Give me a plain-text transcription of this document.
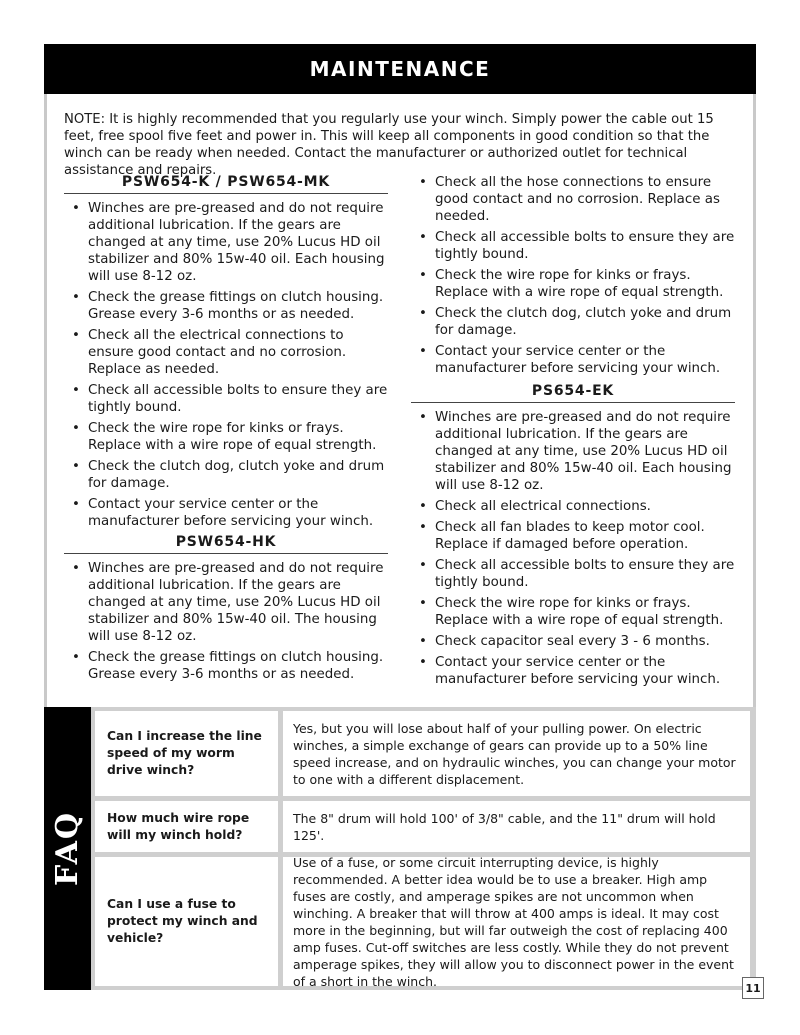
MAINTENANCE

NOTE: It is highly recommended that you regularly use your winch. Simply power the cable out 15 feet, free spool five feet and power in. This will keep all components in good condition so that the winch can be ready when needed. Contact the manufacturer or authorized outlet for technical assistance and repairs.

PSW654-K / PSW654-MK
• Winches are pre-greased and do not require additional lubrication. If the gears are changed at any time, use 20% Lucus HD oil stabilizer and 80% 15w-40 oil. Each housing will use 8-12 oz.
• Check the grease fittings on clutch housing. Grease every 3-6 months or as needed.
• Check all the electrical connections to ensure good contact and no corrosion. Replace as needed.
• Check all accessible bolts to ensure they are tightly bound.
• Check the wire rope for kinks or frays. Replace with a wire rope of equal strength.
• Check the clutch dog, clutch yoke and drum for damage.
• Contact your service center or the manufacturer before servicing your winch.
PSW654-HK
• Winches are pre-greased and do not require additional lubrication. If the gears are changed at any time, use 20% Lucus HD oil stabilizer and 80% 15w-40 oil. The housing will use 8-12 oz.
• Check the grease fittings on clutch housing. Grease every 3-6 months or as needed.
• Check all the hose connections to ensure good contact and no corrosion. Replace as needed.
• Check all accessible bolts to ensure they are tightly bound.
• Check the wire rope for kinks or frays. Replace with a wire rope of equal strength.
• Check the clutch dog, clutch yoke and drum for damage.
• Contact your service center or the manufacturer before servicing your winch.
PS654-EK
• Winches are pre-greased and do not require additional lubrication. If the gears are changed at any time, use 20% Lucus HD oil stabilizer and 80% 15w-40 oil. Each housing will use 8-12 oz.
• Check all electrical connections.
• Check all fan blades to keep motor cool. Replace if damaged before operation.
• Check all accessible bolts to ensure they are tightly bound.
• Check the wire rope for kinks or frays. Replace with a wire rope of equal strength.
• Check capacitor seal every 3 - 6 months.
• Contact your service center or the manufacturer before servicing your winch.
FAQ
Can I increase the line speed of my worm drive winch?
Yes, but you will lose about half of your pulling power. On electric winches, a simple exchange of gears can provide up to a 50% line speed increase, and on hydraulic winches, you can change your motor to one with a different displacement.
How much wire rope will my winch hold?
The 8" drum will hold 100' of 3/8" cable, and the 11" drum will hold 125'.
Can I use a fuse to protect my winch and vehicle?
Use of a fuse, or some circuit interrupting device, is highly recommended. A better idea would be to use a breaker. High amp fuses are costly, and amperage spikes are not uncommon when winching. A breaker that will throw at 400 amps is ideal. It may cost more in the beginning, but will far outweigh the cost of replacing 400 amp fuses. Cut-off switches are less costly. While they do not prevent amperage spikes, they will allow you to disconnect power in the event of a short in the winch.	11
